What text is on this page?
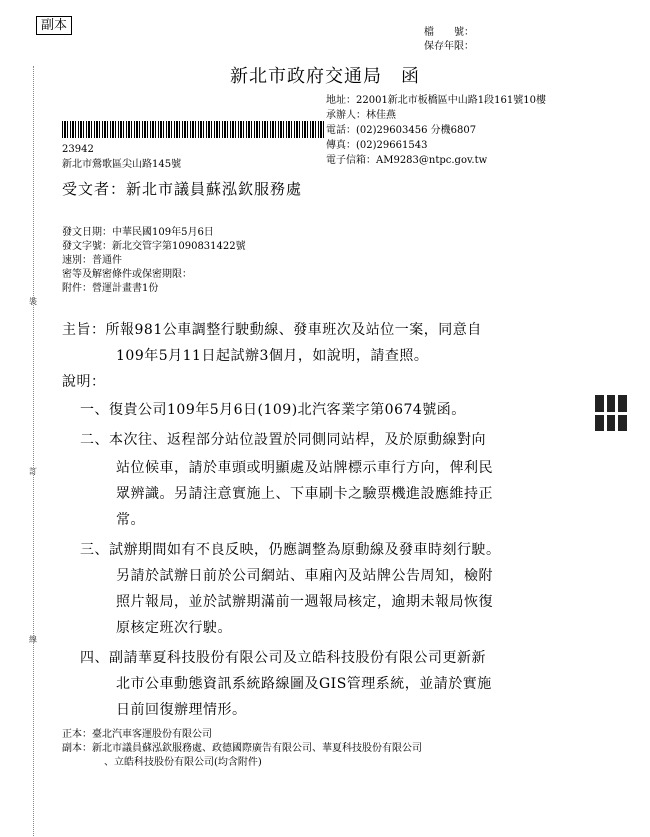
副本	檔　　號：
保存年限：
新北市政府交通局　函
地址：22001新北市板橋區中山路1段161號10樓
承辦人：林佳燕
電話：(02)29603456 分機6807
傳真：(02)29661543
電子信箱：AM9283@ntpc.gov.tw
23942
新北市鶯歌區尖山路145號
受文者：新北市議員蘇泓欽服務處
發文日期：中華民國109年5月6日
發文字號：新北交管字第1090831422號
速別：普通件
密等及解密條件或保密期限：
附件：營運計畫書1份
裝
訂
線
主旨：所報981公車調整行駛動線、發車班次及站位一案，同意自
109年5月11日起試辦3個月，如說明，請查照。
說明：
一、復貴公司109年5月6日(109)北汽客業字第0674號函。
二、本次往、返程部分站位設置於同側同站桿，及於原動線對向
站位候車，請於車頭或明顯處及站牌標示車行方向，俾利民
眾辨識。另請注意實施上、下車刷卡之驗票機進設應維持正
常。
三、試辦期間如有不良反映，仍應調整為原動線及發車時刻行駛。
另請於試辦日前於公司網站、車廂內及站牌公告周知，檢附
照片報局，並於試辦期滿前一週報局核定，逾期未報局恢復
原核定班次行駛。
四、副請華夏科技股份有限公司及立皓科技股份有限公司更新新
北市公車動態資訊系統路線圖及GIS管理系統，並請於實施
日前回復辦理情形。
正本：臺北汽車客運股份有限公司
副本：新北市議員蘇泓欽服務處、政德國際廣告有限公司、華夏科技股份有限公司
、立皓科技股份有限公司(均含附件)
